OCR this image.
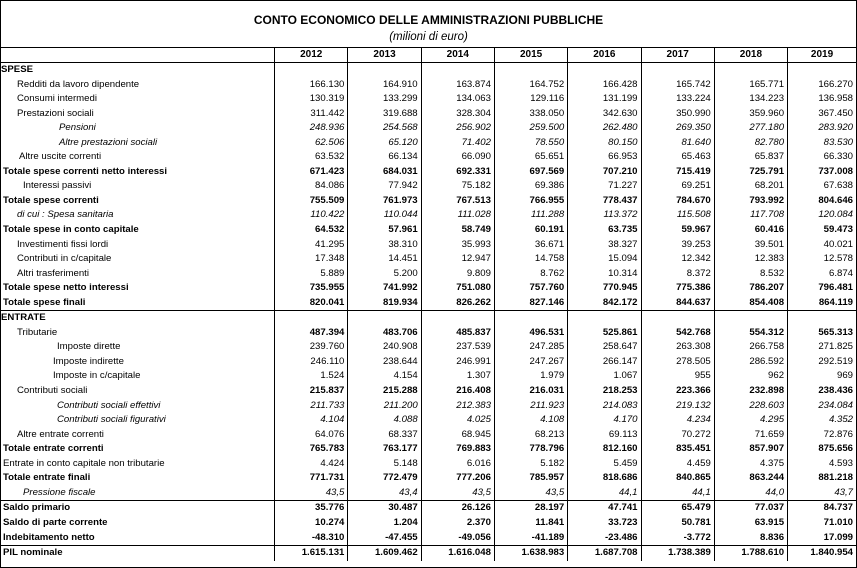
CONTO ECONOMICO DELLE AMMINISTRAZIONI PUBBLICHE
(milioni di euro)
	2012	2013	2014	2015	2016	2017	2018	2019
SPESE								
Redditi da lavoro dipendente	166.130	164.910	163.874	164.752	166.428	165.742	165.771	166.270
Consumi intermedi	130.319	133.299	134.063	129.116	131.199	133.224	134.223	136.958
Prestazioni sociali	311.442	319.688	328.304	338.050	342.630	350.990	359.960	367.450
Pensioni	248.936	254.568	256.902	259.500	262.480	269.350	277.180	283.920
Altre prestazioni sociali	62.506	65.120	71.402	78.550	80.150	81.640	82.780	83.530
Altre uscite correnti	63.532	66.134	66.090	65.651	66.953	65.463	65.837	66.330
Totale spese correnti netto interessi	671.423	684.031	692.331	697.569	707.210	715.419	725.791	737.008
Interessi passivi	84.086	77.942	75.182	69.386	71.227	69.251	68.201	67.638
Totale spese correnti	755.509	761.973	767.513	766.955	778.437	784.670	793.992	804.646
di cui : Spesa sanitaria	110.422	110.044	111.028	111.288	113.372	115.508	117.708	120.084
Totale spese in conto capitale	64.532	57.961	58.749	60.191	63.735	59.967	60.416	59.473
Investimenti fissi lordi	41.295	38.310	35.993	36.671	38.327	39.253	39.501	40.021
Contributi in c/capitale	17.348	14.451	12.947	14.758	15.094	12.342	12.383	12.578
Altri trasferimenti	5.889	5.200	9.809	8.762	10.314	8.372	8.532	6.874
Totale spese netto interessi	735.955	741.992	751.080	757.760	770.945	775.386	786.207	796.481
Totale spese finali	820.041	819.934	826.262	827.146	842.172	844.637	854.408	864.119
ENTRATE								
Tributarie	487.394	483.706	485.837	496.531	525.861	542.768	554.312	565.313
Imposte dirette	239.760	240.908	237.539	247.285	258.647	263.308	266.758	271.825
Imposte indirette	246.110	238.644	246.991	247.267	266.147	278.505	286.592	292.519
Imposte in c/capitale	1.524	4.154	1.307	1.979	1.067	955	962	969
Contributi sociali	215.837	215.288	216.408	216.031	218.253	223.366	232.898	238.436
Contributi sociali effettivi	211.733	211.200	212.383	211.923	214.083	219.132	228.603	234.084
Contributi sociali figurativi	4.104	4.088	4.025	4.108	4.170	4.234	4.295	4.352
Altre entrate correnti	64.076	68.337	68.945	68.213	69.113	70.272	71.659	72.876
Totale entrate correnti	765.783	763.177	769.883	778.796	812.160	835.451	857.907	875.656
Entrate in conto capitale non tributarie	4.424	5.148	6.016	5.182	5.459	4.459	4.375	4.593
Totale entrate finali	771.731	772.479	777.206	785.957	818.686	840.865	863.244	881.218
Pressione fiscale	43,5	43,4	43,5	43,5	44,1	44,1	44,0	43,7
Saldo primario	35.776	30.487	26.126	28.197	47.741	65.479	77.037	84.737
Saldo di parte corrente	10.274	1.204	2.370	11.841	33.723	50.781	63.915	71.010
Indebitamento netto	-48.310	-47.455	-49.056	-41.189	-23.486	-3.772	8.836	17.099
PIL nominale	1.615.131	1.609.462	1.616.048	1.638.983	1.687.708	1.738.389	1.788.610	1.840.954
